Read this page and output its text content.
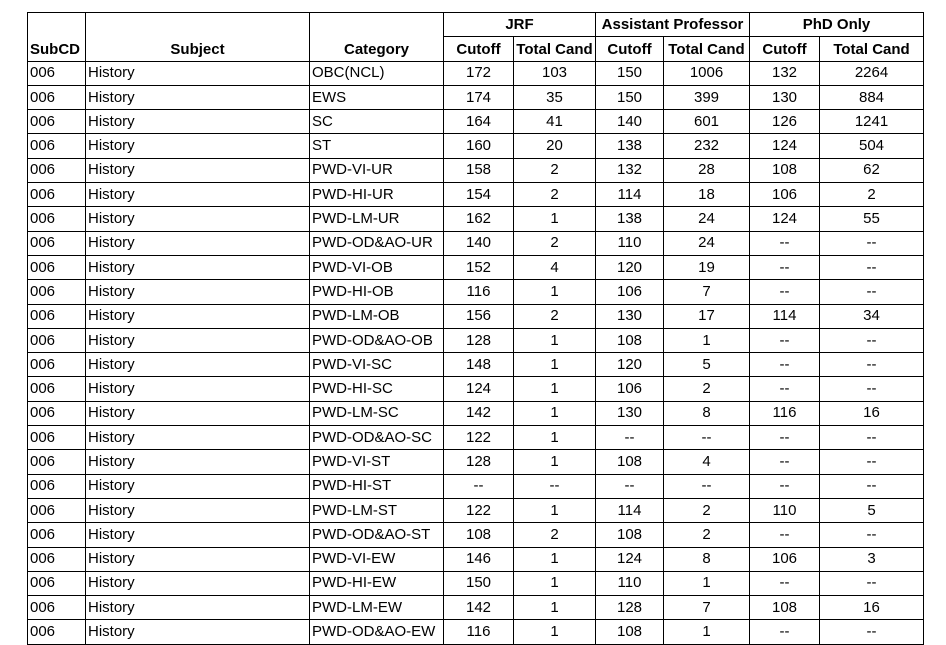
SubCD	Subject	Category	JRF		Assistant Professor		PhD Only	
			Cutoff	Total Cand	Cutoff	Total Cand	Cutoff	Total Cand
006	History	OBC(NCL)	172	103	150	1006	132	2264
006	History	EWS	174	35	150	399	130	884
006	History	SC	164	41	140	601	126	1241
006	History	ST	160	20	138	232	124	504
006	History	PWD-VI-UR	158	2	132	28	108	62
006	History	PWD-HI-UR	154	2	114	18	106	2
006	History	PWD-LM-UR	162	1	138	24	124	55
006	History	PWD-OD&AO-UR	140	2	110	24	--	--
006	History	PWD-VI-OB	152	4	120	19	--	--
006	History	PWD-HI-OB	116	1	106	7	--	--
006	History	PWD-LM-OB	156	2	130	17	114	34
006	History	PWD-OD&AO-OB	128	1	108	1	--	--
006	History	PWD-VI-SC	148	1	120	5	--	--
006	History	PWD-HI-SC	124	1	106	2	--	--
006	History	PWD-LM-SC	142	1	130	8	116	16
006	History	PWD-OD&AO-SC	122	1	--	--	--	--
006	History	PWD-VI-ST	128	1	108	4	--	--
006	History	PWD-HI-ST	--	--	--	--	--	--
006	History	PWD-LM-ST	122	1	114	2	110	5
006	History	PWD-OD&AO-ST	108	2	108	2	--	--
006	History	PWD-VI-EW	146	1	124	8	106	3
006	History	PWD-HI-EW	150	1	110	1	--	--
006	History	PWD-LM-EW	142	1	128	7	108	16
006	History	PWD-OD&AO-EW	116	1	108	1	--	--
